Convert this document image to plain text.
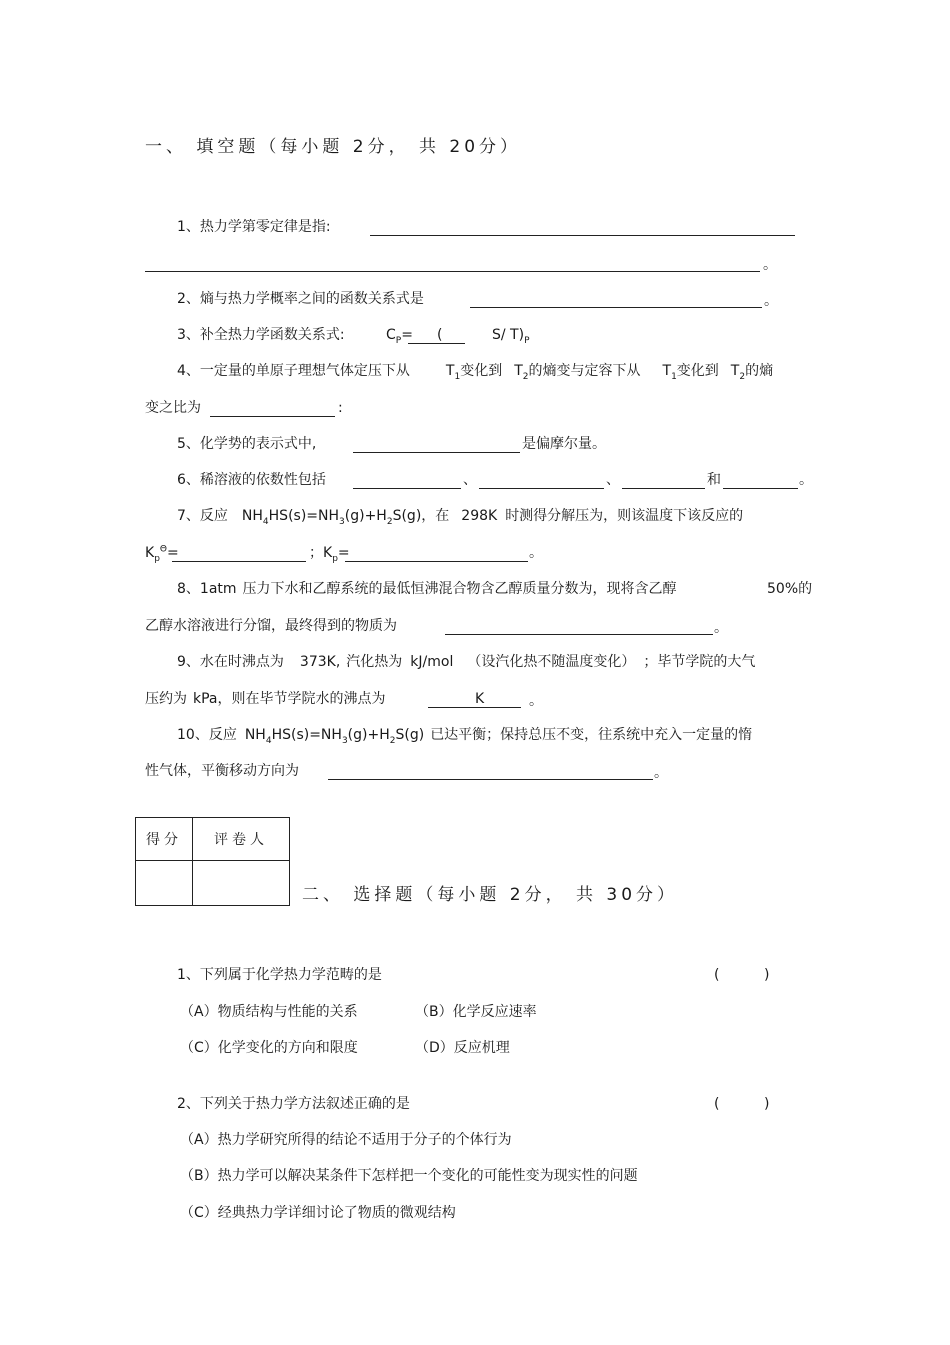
一、 填空题（每小题 2分， 共 20分）
1、热力学第零定律是指:
。
2、熵与热力学概率之间的函数关系式是	。
3、补全热力学函数关系式:	$C_P=$ (	S/ $T)_P$
4、一定量的单原子理想气体定压下从	$T_1$变化到 $T_2$的熵变与定容下从 $T_1$变化到 $T_2$的熵
变之比为	:
5、化学势的表示式中,	是偏摩尔量。
6、稀溶液的依数性包括	、	、	和	。
7、反应 $NH_4HS(s)=NH_3(g)+H_2S(g)$，在 298K 时测得分解压为，则该温度下该反应的
$K_p^\Theta=$	；$K_p=$	。
8、1atm 压力下水和乙醇系统的最低恒沸混合物含乙醇质量分数为，现将含乙醇	50%的
乙醇水溶液进行分馏，最终得到的物质为	。
9、水在时沸点为 373K, 汽化热为 kJ/mol （设汽化热不随温度变化） ；毕节学院的大气
压约为 kPa，则在毕节学院水的沸点为	K	。
10、反应 $NH_4HS(s)=NH_3(g)+H_2S(g)$ 已达平衡；保持总压不变，往系统中充入一定量的惰
性气体，平衡移动方向为	。
得分	评卷人

二、 选择题（每小题 2分， 共 30分）
1、下列属于化学热力学范畴的是	(          )
（A）物质结构与性能的关系	（B）化学反应速率
（C）化学变化的方向和限度	（D）反应机理
2、下列关于热力学方法叙述正确的是	(          )
（A）热力学研究所得的结论不适用于分子的个体行为
（B）热力学可以解决某条件下怎样把一个变化的可能性变为现实性的问题
（C）经典热力学详细讨论了物质的微观结构
